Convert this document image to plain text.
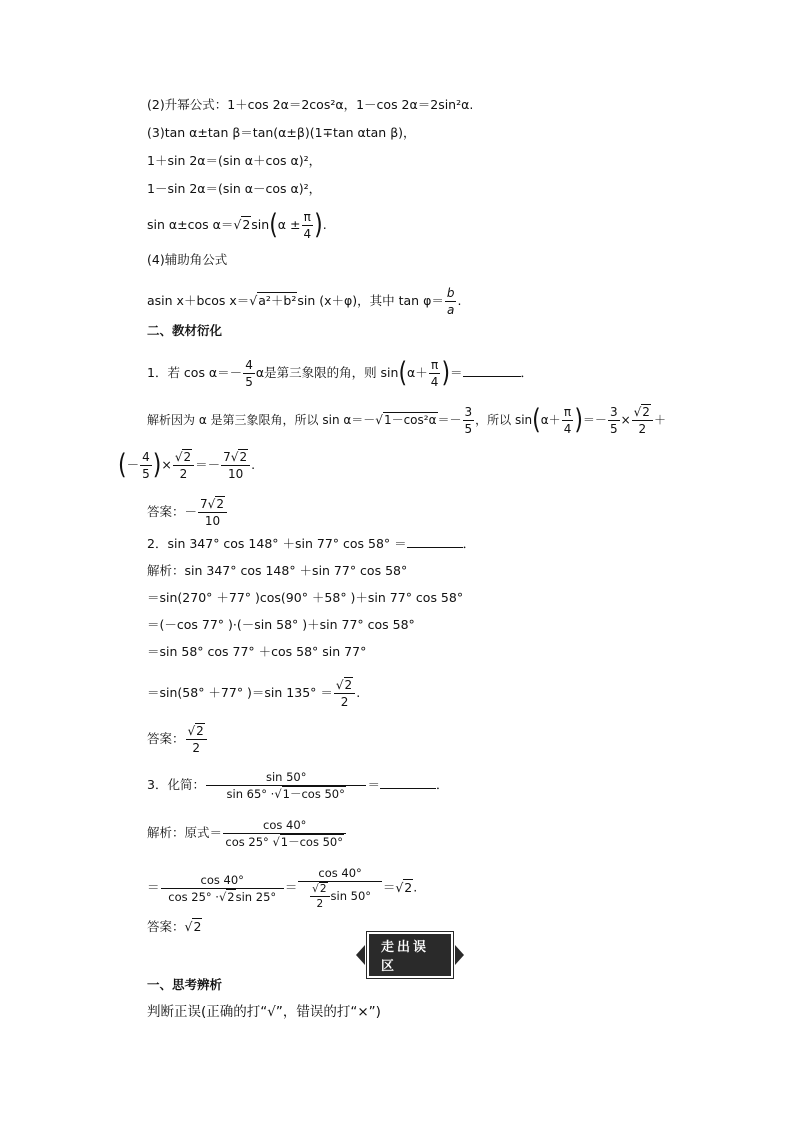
(2)升幂公式：1＋cos 2α＝2cos²α，1－cos 2α＝2sin²α.
(3)tan α±tan β＝tan(α±β)(1∓tan αtan β)，
1＋sin 2α＝(sin α＋cos α)²，
1－sin 2α＝(sin α－cos α)²，
sin α±cos $\alpha=√2\sin(\alpha \pm \frac{\pi}{4}$ ).
(4)辅助角公式
asin x＋bcos x＝√a²＋b²sin (x＋φ)，其中 $\tan \varphi= \frac{b}{a}$ .
二、教材衍化
1．若 $\cos \alpha=- \frac{4}{5}$ α是第三象限的角，则 $\sin(\alpha+ \frac{\pi}{4}$ )＝	．
解析因为 α 是第三象限角，所以 $\sin \alpha=-√1-\cos^2\alpha=- \frac{3}{5}$ ，所以 $\sin(\alpha+ \frac{\pi}{4}$ )＝－ $\frac{3}{5} \times \frac{√2}{2}$ ＋
(－ $\frac{4}{5}$ )× $\frac{√2}{2} =- \frac{7√2}{10}$ .
答案：－ $\frac{7√2}{10}$
2．sin 347° cos 148° ＋sin 77° cos 58° ＝	．
解析：sin 347° cos 148° ＋sin 77° cos 58°
＝sin(270° ＋77° )cos(90° ＋58° )＋sin 77° cos 58°
＝(－cos 77° )·(－sin 58° )＋sin 77° cos 58°
＝sin 58° cos 77° ＋cos 58° sin 77°
＝sin(58° ＋77° )＝sin $135^\circ = \frac{√2}{2}$ .
答案： $\frac{√2}{2}$
3．化简： $\frac{\sin 50^\circ}{\sin 65^\circ \cdot√1-\cos 50^\circ}$ ＝	．
解析：原式＝ $\frac{\cos 40^\circ}{\cos 25^\circ √1-\cos 50^\circ}$
＝ $\frac{\cos 40^\circ}{\cos 25^\circ \cdot√2\sin 25^\circ} = \frac{\cos 40^\circ}{\frac{√2}{2} \sin 50^\circ} =√2$.
答案：√2
走出误区
一、思考辨析
判断正误(正确的打“√”，错误的打“×”)
